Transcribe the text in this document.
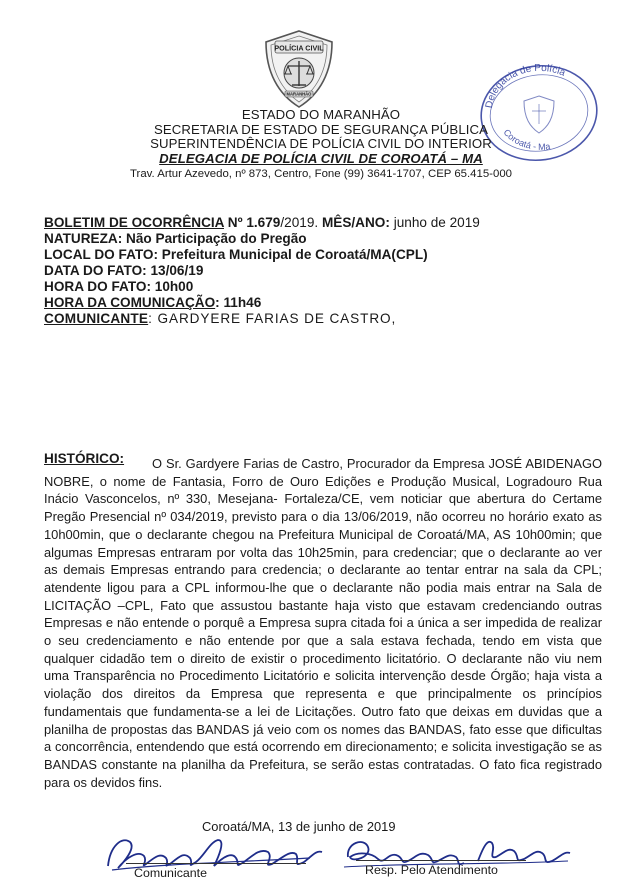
POLÍCIA CIVIL
MARANHÃO
Delegacia de Polícia
Coroatá - Ma
ESTADO DO MARANHÃO
SECRETARIA DE ESTADO DE SEGURANÇA PÚBLICA
SUPERINTENDÊNCIA DE POLÍCIA CIVIL DO INTERIOR
DELEGACIA DE POLÍCIA CIVIL DE COROATÁ – MA
Trav. Artur Azevedo, nº 873, Centro, Fone (99) 3641-1707, CEP 65.415-000
BOLETIM DE OCORRÊNCIA Nº 1.679/2019. MÊS/ANO: junho de 2019
NATUREZA: Não Participação do Pregão
LOCAL DO FATO: Prefeitura Municipal de Coroatá/MA(CPL)
DATA DO FATO: 13/06/19
HORA DO FATO: 10h00
HORA DA COMUNICAÇÃO: 11h46
COMUNICANTE: GARDYERE FARIAS DE CASTRO,
HISTÓRICO:	O Sr. Gardyere Farias de Castro, Procurador da Empresa JOSÉ ABIDENAGO NOBRE, o nome de Fantasia, Forro de Ouro Edições e Produção Musical, Logradouro Rua Inácio Vasconcelos, nº 330, Mesejana- Fortaleza/CE, vem noticiar que abertura do Certame Pregão Presencial nº 034/2019, previsto para o dia 13/06/2019, não ocorreu no horário exato as 10h00min, que o declarante chegou na Prefeitura Municipal de Coroatá/MA, AS 10h00min; que algumas Empresas entraram por volta das 10h25min, para credenciar; que o declarante ao ver as demais Empresas entrando para credencia; o declarante ao tentar entrar na sala da CPL; atendente ligou para a CPL informou-lhe que o declarante não podia mais entrar na Sala de LICITAÇÃO –CPL, Fato que assustou bastante haja visto que estavam credenciando outras Empresas e não entende o porquê a Empresa supra citada foi a única a ser impedida de realizar o seu credenciamento e não entende por que a sala estava fechada, tendo em vista que qualquer cidadão tem o direito de existir o procedimento licitatório. O declarante não viu nem uma Transparência no Procedimento Licitatório e solicita intervenção desde Órgão; haja vista a violação dos direitos da Empresa que representa e que principalmente os princípios fundamentais que fundamenta-se a lei de Licitações. Outro fato que deixas em duvidas que a planilha de propostas das BANDAS já veio com os nomes das BANDAS, fato esse que dificultas a concorrência, entendendo que está ocorrendo em direcionamento; e solicita investigação se as BANDAS constante na planilha da Prefeitura, se serão estas contratadas. O fato fica registrado para os devidos fins.
Coroatá/MA, 13 de junho de 2019
Comunicante	Resp. Pelo Atendimento
